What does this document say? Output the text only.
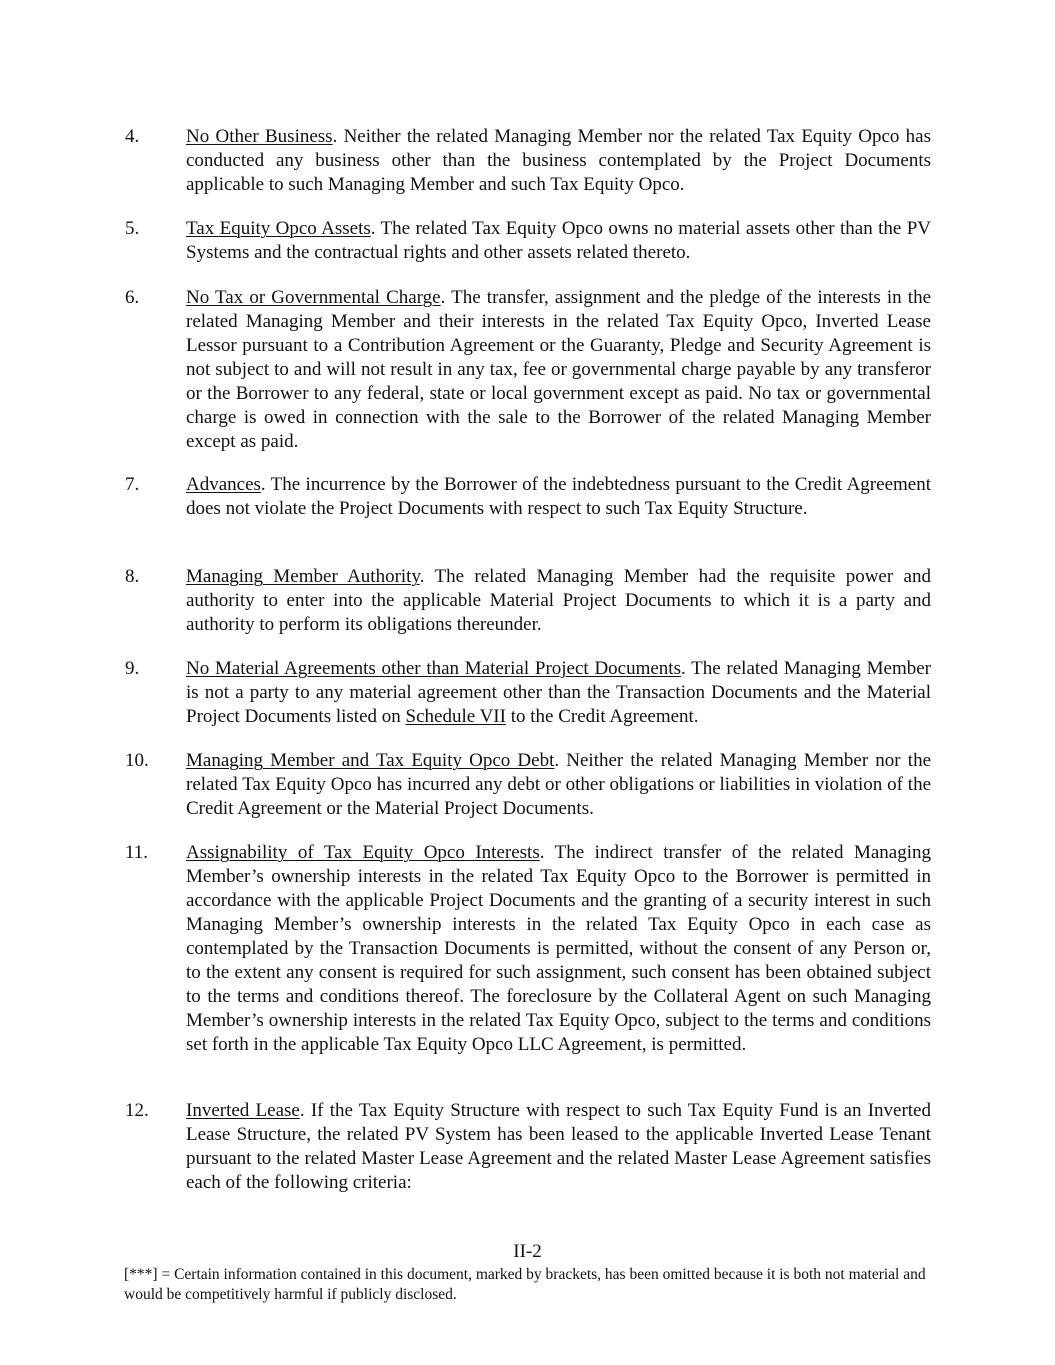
4.	No Other Business. Neither the related Managing Member nor the related Tax Equity Opco has conducted any business other than the business contemplated by the Project Documents applicable to such Managing Member and such Tax Equity Opco.
5.	Tax Equity Opco Assets. The related Tax Equity Opco owns no material assets other than the PV Systems and the contractual rights and other assets related thereto.
6.	No Tax or Governmental Charge. The transfer, assignment and the pledge of the interests in the related Managing Member and their interests in the related Tax Equity Opco, Inverted Lease Lessor pursuant to a Contribution Agreement or the Guaranty, Pledge and Security Agreement is not subject to and will not result in any tax, fee or governmental charge payable by any transferor or the Borrower to any federal, state or local government except as paid. No tax or governmental charge is owed in connection with the sale to the Borrower of the related Managing Member except as paid.
7.	Advances. The incurrence by the Borrower of the indebtedness pursuant to the Credit Agreement does not violate the Project Documents with respect to such Tax Equity Structure.
8.	Managing Member Authority. The related Managing Member had the requisite power and authority to enter into the applicable Material Project Documents to which it is a party and authority to perform its obligations thereunder.
9.	No Material Agreements other than Material Project Documents. The related Managing Member is not a party to any material agreement other than the Transaction Documents and the Material Project Documents listed on Schedule VII to the Credit Agreement.
10.	Managing Member and Tax Equity Opco Debt. Neither the related Managing Member nor the related Tax Equity Opco has incurred any debt or other obligations or liabilities in violation of the Credit Agreement or the Material Project Documents.
11.	Assignability of Tax Equity Opco Interests. The indirect transfer of the related Managing Member’s ownership interests in the related Tax Equity Opco to the Borrower is permitted in accordance with the applicable Project Documents and the granting of a security interest in such Managing Member’s ownership interests in the related Tax Equity Opco in each case as contemplated by the Transaction Documents is permitted, without the consent of any Person or, to the extent any consent is required for such assignment, such consent has been obtained subject to the terms and conditions thereof. The foreclosure by the Collateral Agent on such Managing Member’s ownership interests in the related Tax Equity Opco, subject to the terms and conditions set forth in the applicable Tax Equity Opco LLC Agreement, is permitted.
12.	Inverted Lease. If the Tax Equity Structure with respect to such Tax Equity Fund is an Inverted Lease Structure, the related PV System has been leased to the applicable Inverted Lease Tenant pursuant to the related Master Lease Agreement and the related Master Lease Agreement satisfies each of the following criteria:
II-2
[***] = Certain information contained in this document, marked by brackets, has been omitted because it is both not material and would be competitively harmful if publicly disclosed.
